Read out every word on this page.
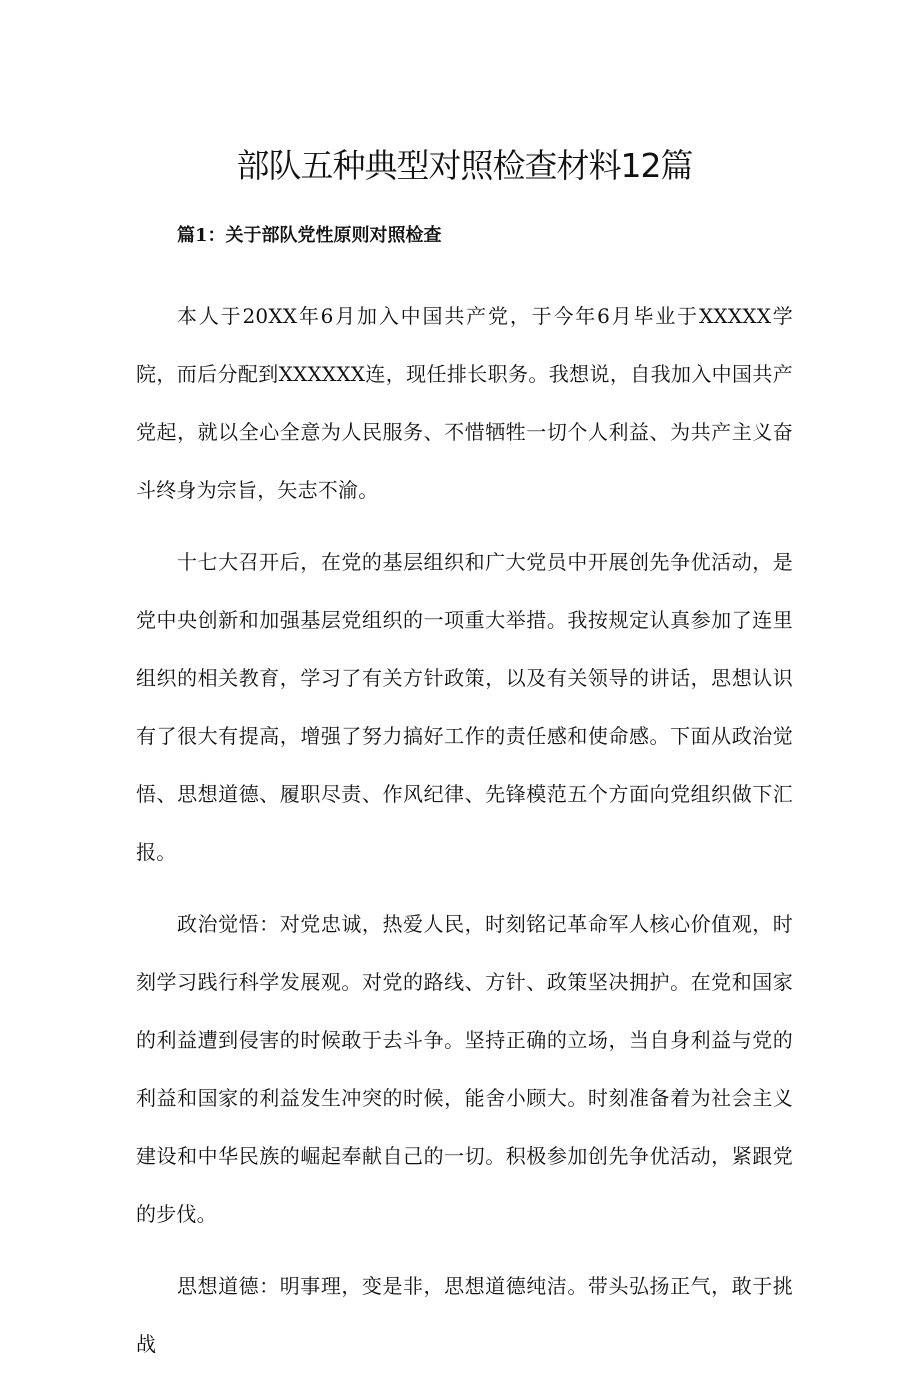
部队五种典型对照检查材料12篇
篇1：关于部队党性原则对照检查

本人于20XX年6月加入中国共产党，于今年6月毕业于XXXXX学院，而后分配到XXXXXX连，现任排长职务。我想说，自我加入中国共产党起，就以全心全意为人民服务、不惜牺牲一切个人利益、为共产主义奋斗终身为宗旨，矢志不渝。

十七大召开后，在党的基层组织和广大党员中开展创先争优活动，是党中央创新和加强基层党组织的一项重大举措。我按规定认真参加了连里组织的相关教育，学习了有关方针政策，以及有关领导的讲话，思想认识有了很大有提高，增强了努力搞好工作的责任感和使命感。下面从政治觉悟、思想道德、履职尽责、作风纪律、先锋模范五个方面向党组织做下汇报。

政治觉悟：对党忠诚，热爱人民，时刻铭记革命军人核心价值观，时刻学习践行科学发展观。对党的路线、方针、政策坚决拥护。在党和国家的利益遭到侵害的时候敢于去斗争。坚持正确的立场，当自身利益与党的利益和国家的利益发生冲突的时候，能舍小顾大。时刻准备着为社会主义建设和中华民族的崛起奉献自己的一切。积极参加创先争优活动，紧跟党的步伐。

思想道德：明事理，变是非，思想道德纯洁。带头弘扬正气，敢于挑战
